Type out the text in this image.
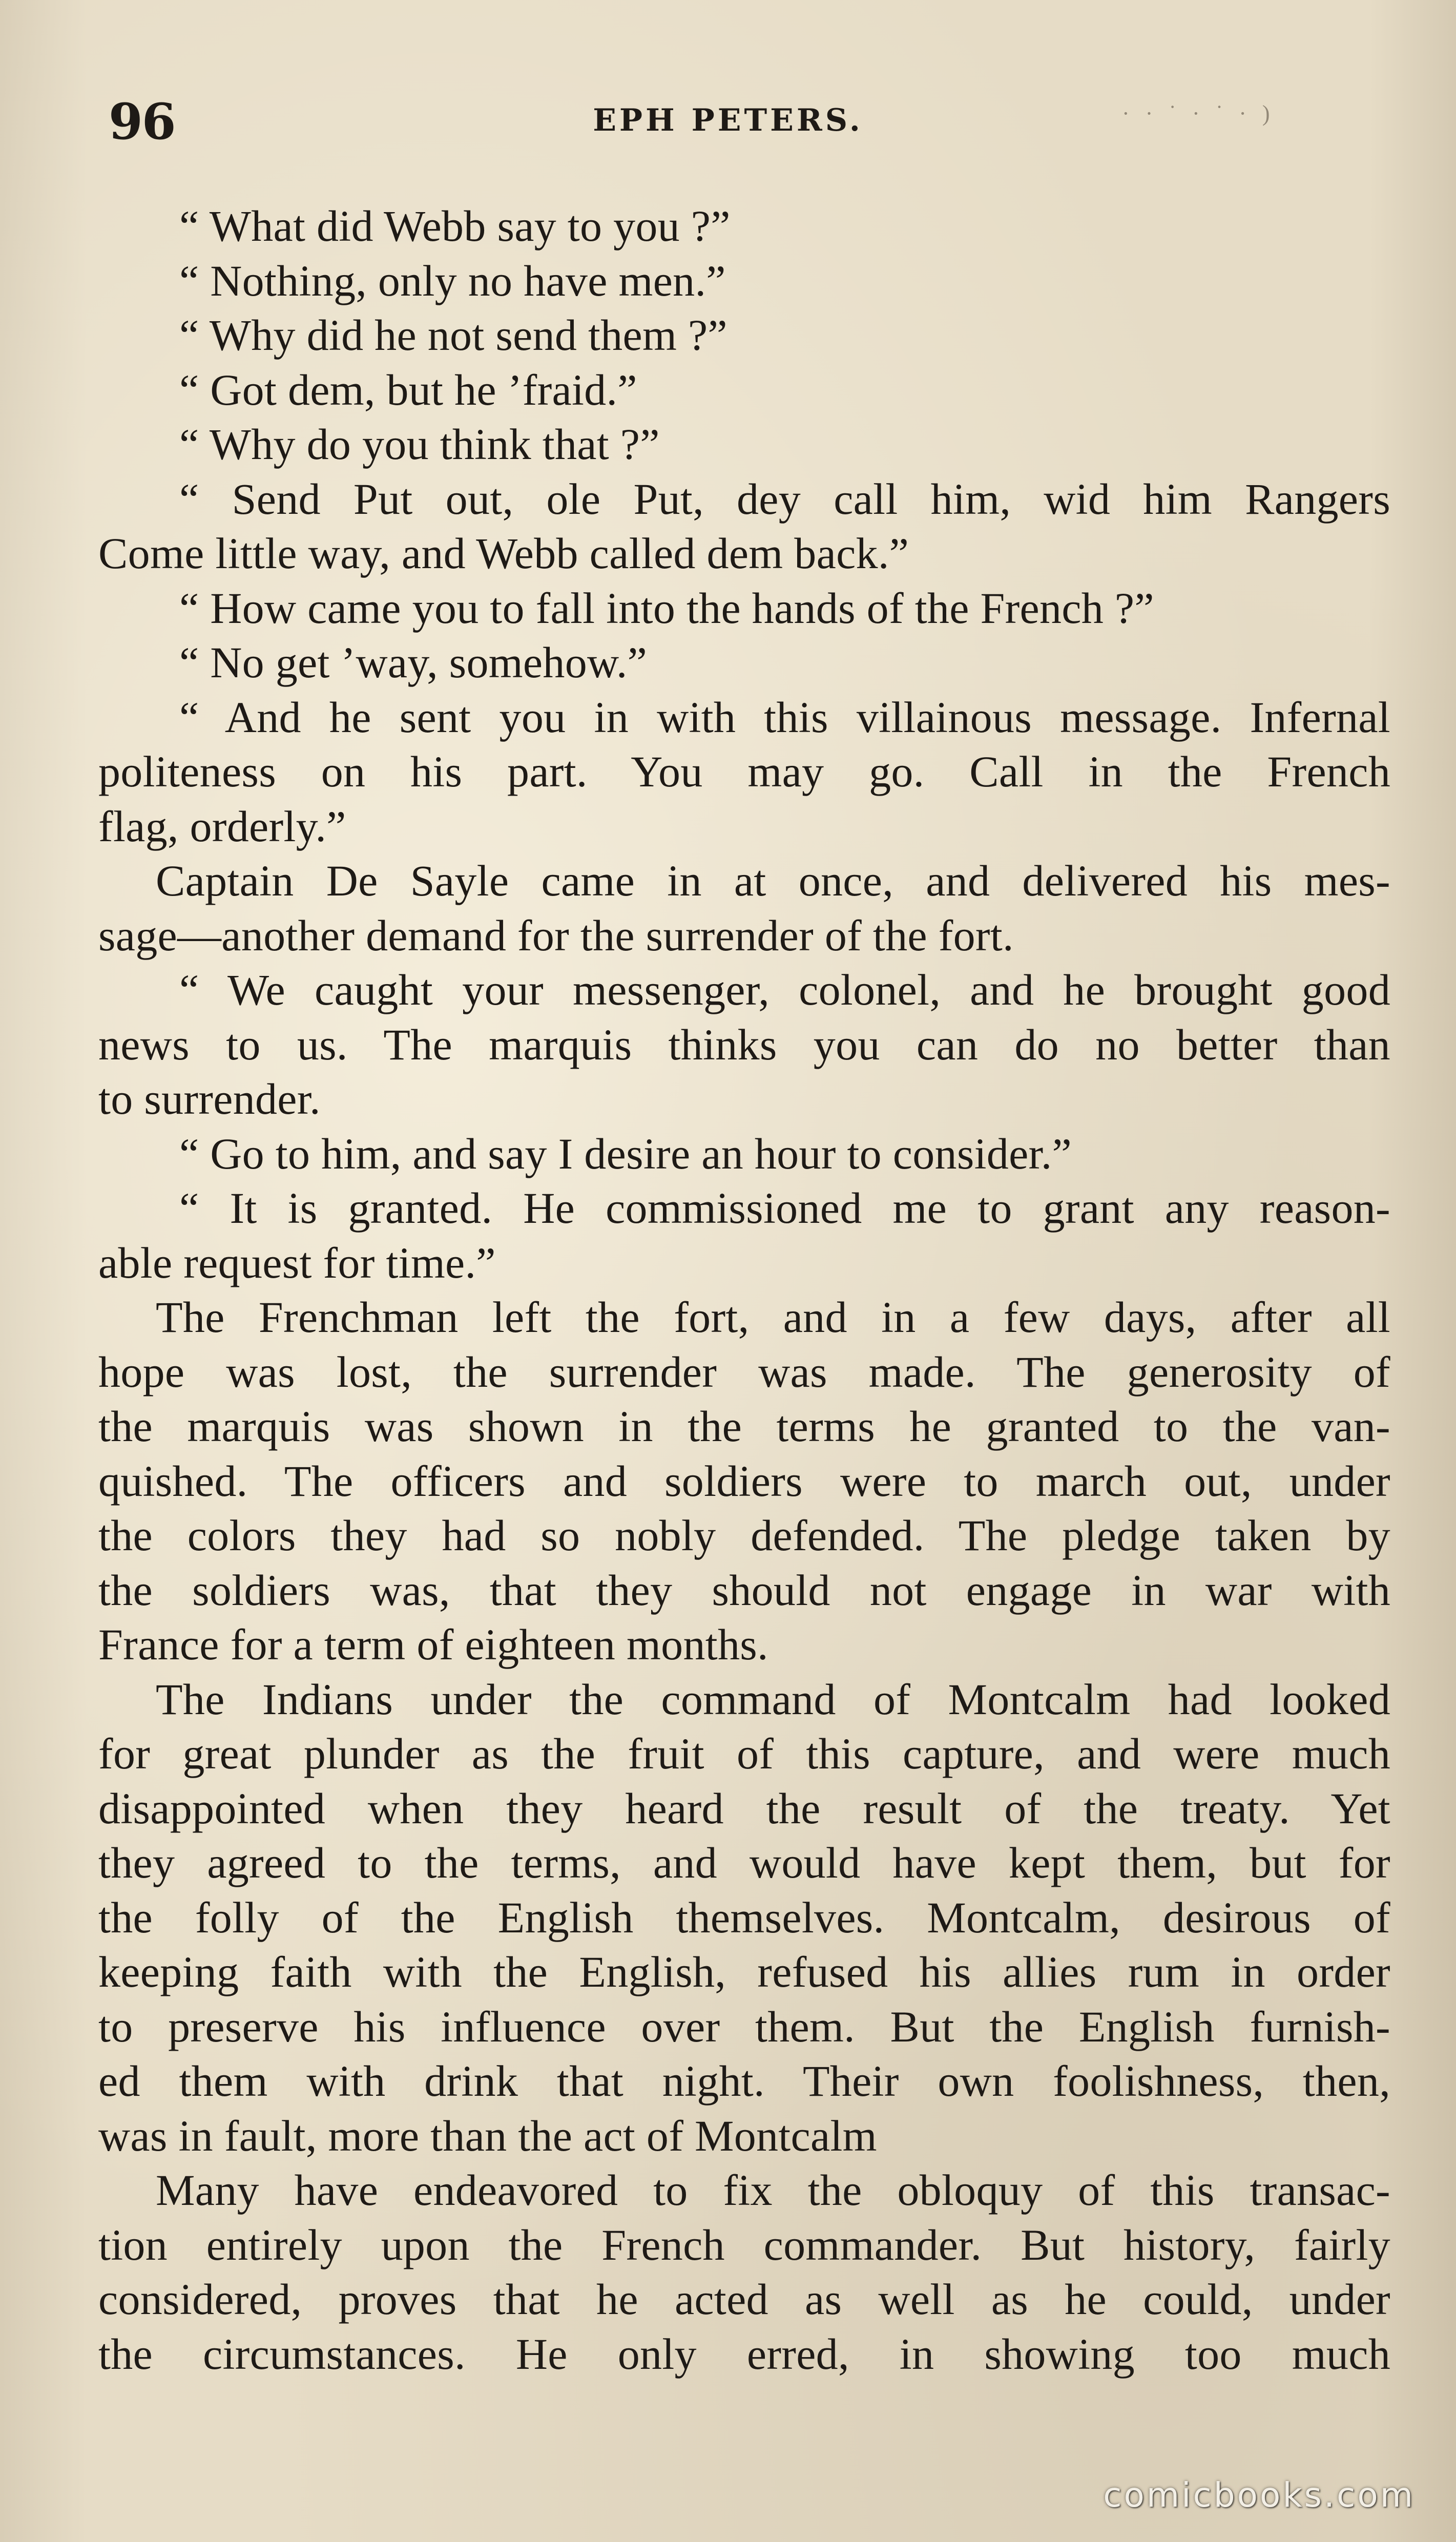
96	EPH PETERS.	· · ˙ · ˙ · )
“ What did Webb say to you ?”
“ Nothing, only no have men.”
“ Why did he not send them ?”
“ Got dem, but he ’fraid.”
“ Why do you think that ?”
“ Send Put out, ole Put, dey call him, wid him Rangers
Come little way, and Webb called dem back.”
“ How came you to fall into the hands of the French ?”
“ No get ’way, somehow.”
“ And he sent you in with this villainous message. Infernal
politeness on his part. You may go. Call in the French
flag, orderly.”
Captain De Sayle came in at once, and delivered his mes-
sage—another demand for the surrender of the fort.
“ We caught your messenger, colonel, and he brought good
news to us. The marquis thinks you can do no better than
to surrender.
“ Go to him, and say I desire an hour to consider.”
“ It is granted. He commissioned me to grant any reason-
able request for time.”
The Frenchman left the fort, and in a few days, after all
hope was lost, the surrender was made. The generosity of
the marquis was shown in the terms he granted to the van-
quished. The officers and soldiers were to march out, under
the colors they had so nobly defended. The pledge taken by
the soldiers was, that they should not engage in war with
France for a term of eighteen months.
The Indians under the command of Montcalm had looked
for great plunder as the fruit of this capture, and were much
disappointed when they heard the result of the treaty. Yet
they agreed to the terms, and would have kept them, but for
the folly of the English themselves. Montcalm, desirous of
keeping faith with the English, refused his allies rum in order
to preserve his influence over them. But the English furnish-
ed them with drink that night. Their own foolishness, then,
was in fault, more than the act of Montcalm
Many have endeavored to fix the obloquy of this transac-
tion entirely upon the French commander. But history, fairly
considered, proves that he acted as well as he could, under
the circumstances. He only erred, in showing too much
comicbooks.com
